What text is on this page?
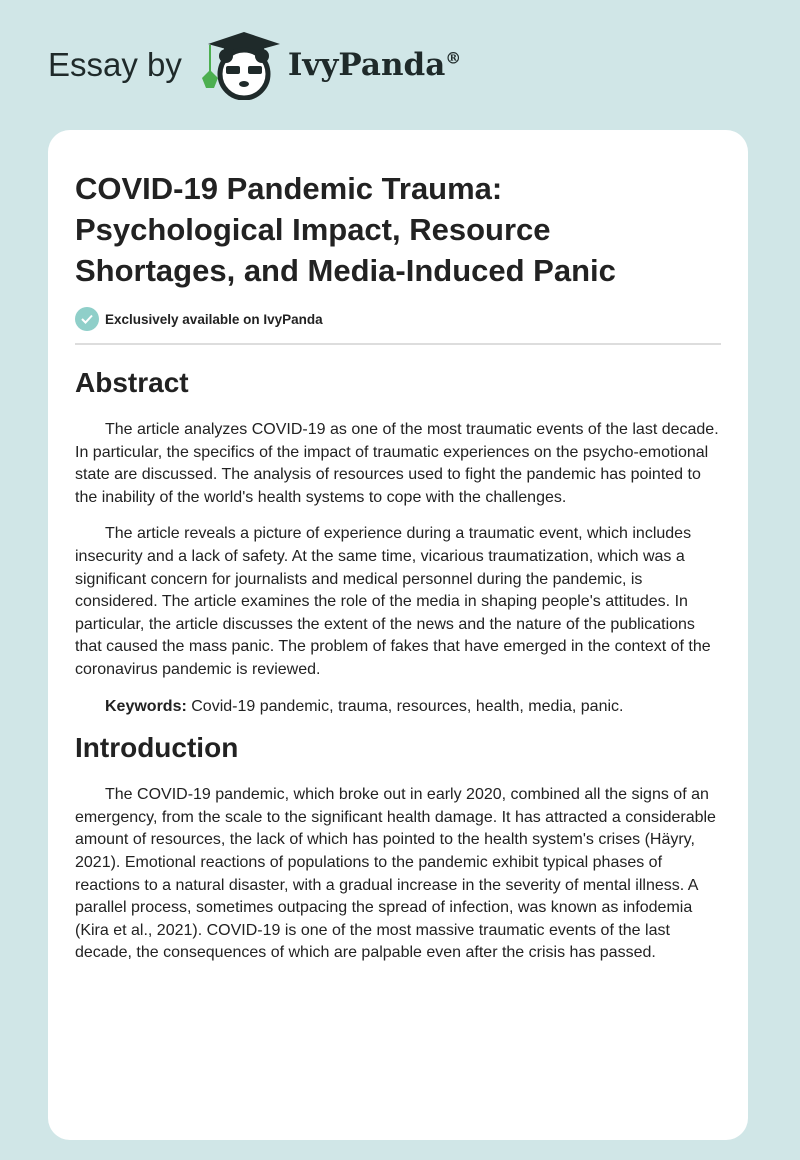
Essay by	IvyPanda®
COVID-19 Pandemic Trauma: Psychological Impact, Resource Shortages, and Media-Induced Panic
Exclusively available on IvyPanda
Abstract

The article analyzes COVID-19 as one of the most traumatic events of the last decade. In particular, the specifics of the impact of traumatic experiences on the psycho-emotional state are discussed. The analysis of resources used to fight the pandemic has pointed to the inability of the world's health systems to cope with the challenges.

The article reveals a picture of experience during a traumatic event, which includes insecurity and a lack of safety. At the same time, vicarious traumatization, which was a significant concern for journalists and medical personnel during the pandemic, is considered. The article examines the role of the media in shaping people's attitudes. In particular, the article discusses the extent of the news and the nature of the publications that caused the mass panic. The problem of fakes that have emerged in the context of the coronavirus pandemic is reviewed.

Keywords: Covid-19 pandemic, trauma, resources, health, media, panic.

Introduction

The COVID-19 pandemic, which broke out in early 2020, combined all the signs of an emergency, from the scale to the significant health damage. It has attracted a considerable amount of resources, the lack of which has pointed to the health system's crises (Häyry, 2021). Emotional reactions of populations to the pandemic exhibit typical phases of reactions to a natural disaster, with a gradual increase in the severity of mental illness. A parallel process, sometimes outpacing the spread of infection, was known as infodemia (Kira et al., 2021). COVID-19 is one of the most massive traumatic events of the last decade, the consequences of which are palpable even after the crisis has passed.
